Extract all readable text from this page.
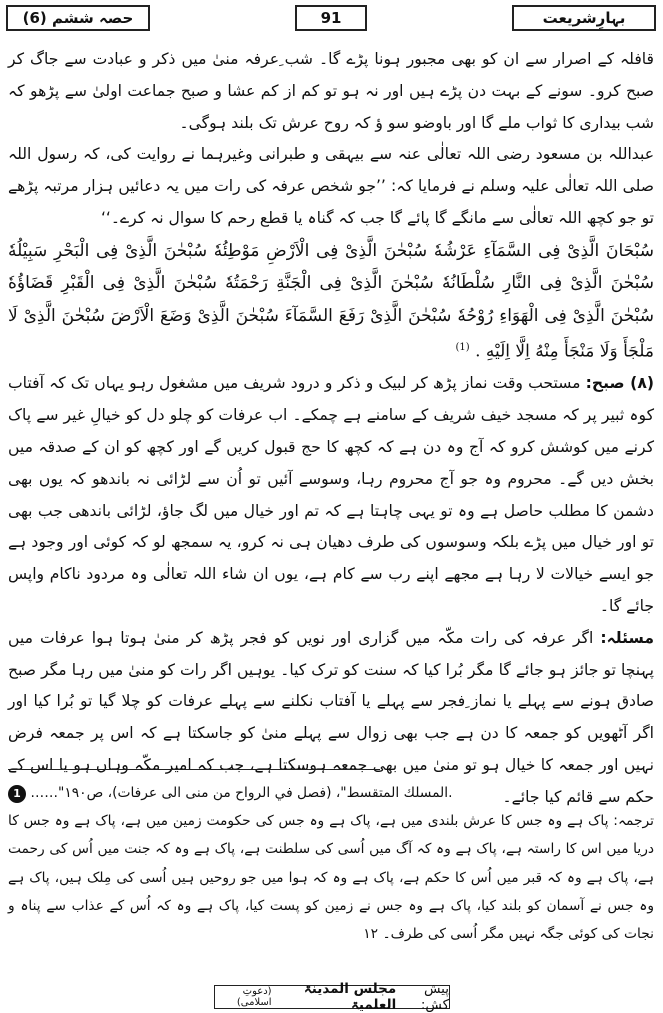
بہارِشریعت
91
حصہ ششم (6)

قافلہ کے اصرار سے ان کو بھی مجبور ہونا پڑے گا۔ شب ِعرفہ منیٰ میں ذکر و عبادت سے جاگ کر صبح کرو۔ سونے کے بہت دن پڑے ہیں اور نہ ہو تو کم از کم عشا و صبح جماعت اولیٰ سے پڑھو کہ شب بیداری کا ثواب ملے گا اور باوضو سو ؤ کہ روح عرش تک بلند ہوگی۔

عبداللہ بن مسعود رضی اللہ تعالٰی عنہ سے بیہقی و طبرانی وغیرہما نے روایت کی، کہ رسول اللہ صلی اللہ تعالٰی علیہ وسلم نے فرمایا کہ: ’’جو شخص عرفہ کی رات میں یہ دعائیں ہزار مرتبہ پڑھے تو جو کچھ اللہ تعالٰی سے مانگے گا پائے گا جب کہ گناہ یا قطع رحم کا سوال نہ کرے۔‘‘

سُبْحَانَ الَّذِیْ فِی السَّمَآءِ عَرْشُهٗ سُبْحٰنَ الَّذِیْ فِی الْاَرْضِ مَوْطِئُهٗ سُبْحٰنَ الَّذِیْ فِی الْبَحْرِ سَبِیْلُهٗ سُبْحٰنَ الَّذِیْ فِی النَّارِ سُلْطَانُهٗ سُبْحٰنَ الَّذِیْ فِی الْجَنَّةِ رَحْمَتُهٗ سُبْحٰنَ الَّذِیْ فِی الْقَبْرِ قَضَاؤُهٗ سُبْحٰنَ الَّذِیْ فِی الْهَوَاءِ رُوْحُهٗ سُبْحٰنَ الَّذِیْ رَفَعَ السَّمَآءَ سُبْحٰنَ الَّذِیْ وَضَعَ الْاَرْضَ سُبْحٰنَ الَّذِیْ لَا مَلْجَأَ وَلَا مَنْجَأَ مِنْهُ اِلَّا اِلَیْهِ . $^{(1)}$

(۸) صبح: مستحب وقت نماز پڑھ کر لبیک و ذکر و درود شریف میں مشغول رہو یہاں تک کہ آفتاب کوہ ثبیر پر کہ مسجد خیف شریف کے سامنے ہے چمکے۔ اب عرفات کو چلو دل کو خیالِ غیر سے پاک کرنے میں کوشش کرو کہ آج وہ دن ہے کہ کچھ کا حج قبول کریں گے اور کچھ کو ان کے صدقہ میں بخش دیں گے۔ محروم وہ جو آج محروم رہا، وسوسے آئیں تو اُن سے لڑائی نہ باندھو کہ یوں بھی دشمن کا مطلب حاصل ہے وہ تو یہی چاہتا ہے کہ تم اور خیال میں لگ جاؤ، لڑائی باندھی جب بھی تو اور خیال میں پڑے بلکہ وسوسوں کی طرف دھیان ہی نہ کرو، یہ سمجھ لو کہ کوئی اور وجود ہے جو ایسے خیالات لا رہا ہے مجھے اپنے رب سے کام ہے، یوں ان شاء اللہ تعالٰی وہ مردود ناکام واپس جائے گا۔

مسئلہ: اگر عرفہ کی رات مکّہ میں گزاری اور نویں کو فجر پڑھ کر منیٰ ہوتا ہوا عرفات میں پہنچا تو جائز ہو جائے گا مگر بُرا کیا کہ سنت کو ترک کیا۔ یوہیں اگر رات کو منیٰ میں رہا مگر صبح صادق ہونے سے پہلے یا نماز ِفجر سے پہلے یا آفتاب نکلنے سے پہلے عرفات کو چلا گیا تو بُرا کیا اور اگر آٹھویں کو جمعہ کا دن ہے جب بھی زوال سے پہلے منیٰ کو جاسکتا ہے کہ اس پر جمعہ فرض نہیں اور جمعہ کا خیال ہو تو منیٰ میں بھی جمعہ ہوسکتا ہے، جب کہ امیر مکّہ وہاں ہو یا اس کے حکم سے قائم کیا جائے۔

1 ……"المسلك المتقسط"، (فصل في الرواح من منى الى عرفات)، ص١٩٠.

ترجمہ: پاک ہے وہ جس کا عرش بلندی میں ہے، پاک ہے وہ جس کی حکومت زمین میں ہے، پاک ہے وہ جس کا دریا میں اس کا راستہ ہے، پاک ہے وہ کہ آگ میں اُسی کی سلطنت ہے، پاک ہے وہ کہ جنت میں اُس کی رحمت ہے، پاک ہے وہ کہ قبر میں اُس کا حکم ہے، پاک ہے وہ کہ ہوا میں جو روحیں ہیں اُسی کی مِلک ہیں، پاک ہے وہ جس نے آسمان کو بلند کیا، پاک ہے وہ جس نے زمین کو پست کیا، پاک ہے وہ کہ اُس کے عذاب سے پناہ و نجات کی کوئی جگہ نہیں مگر اُسی کی طرف۔ ۱۲

پیش کش:
مجلس المدینۃ العلمیۃ
(دعوتِ اسلامی)
